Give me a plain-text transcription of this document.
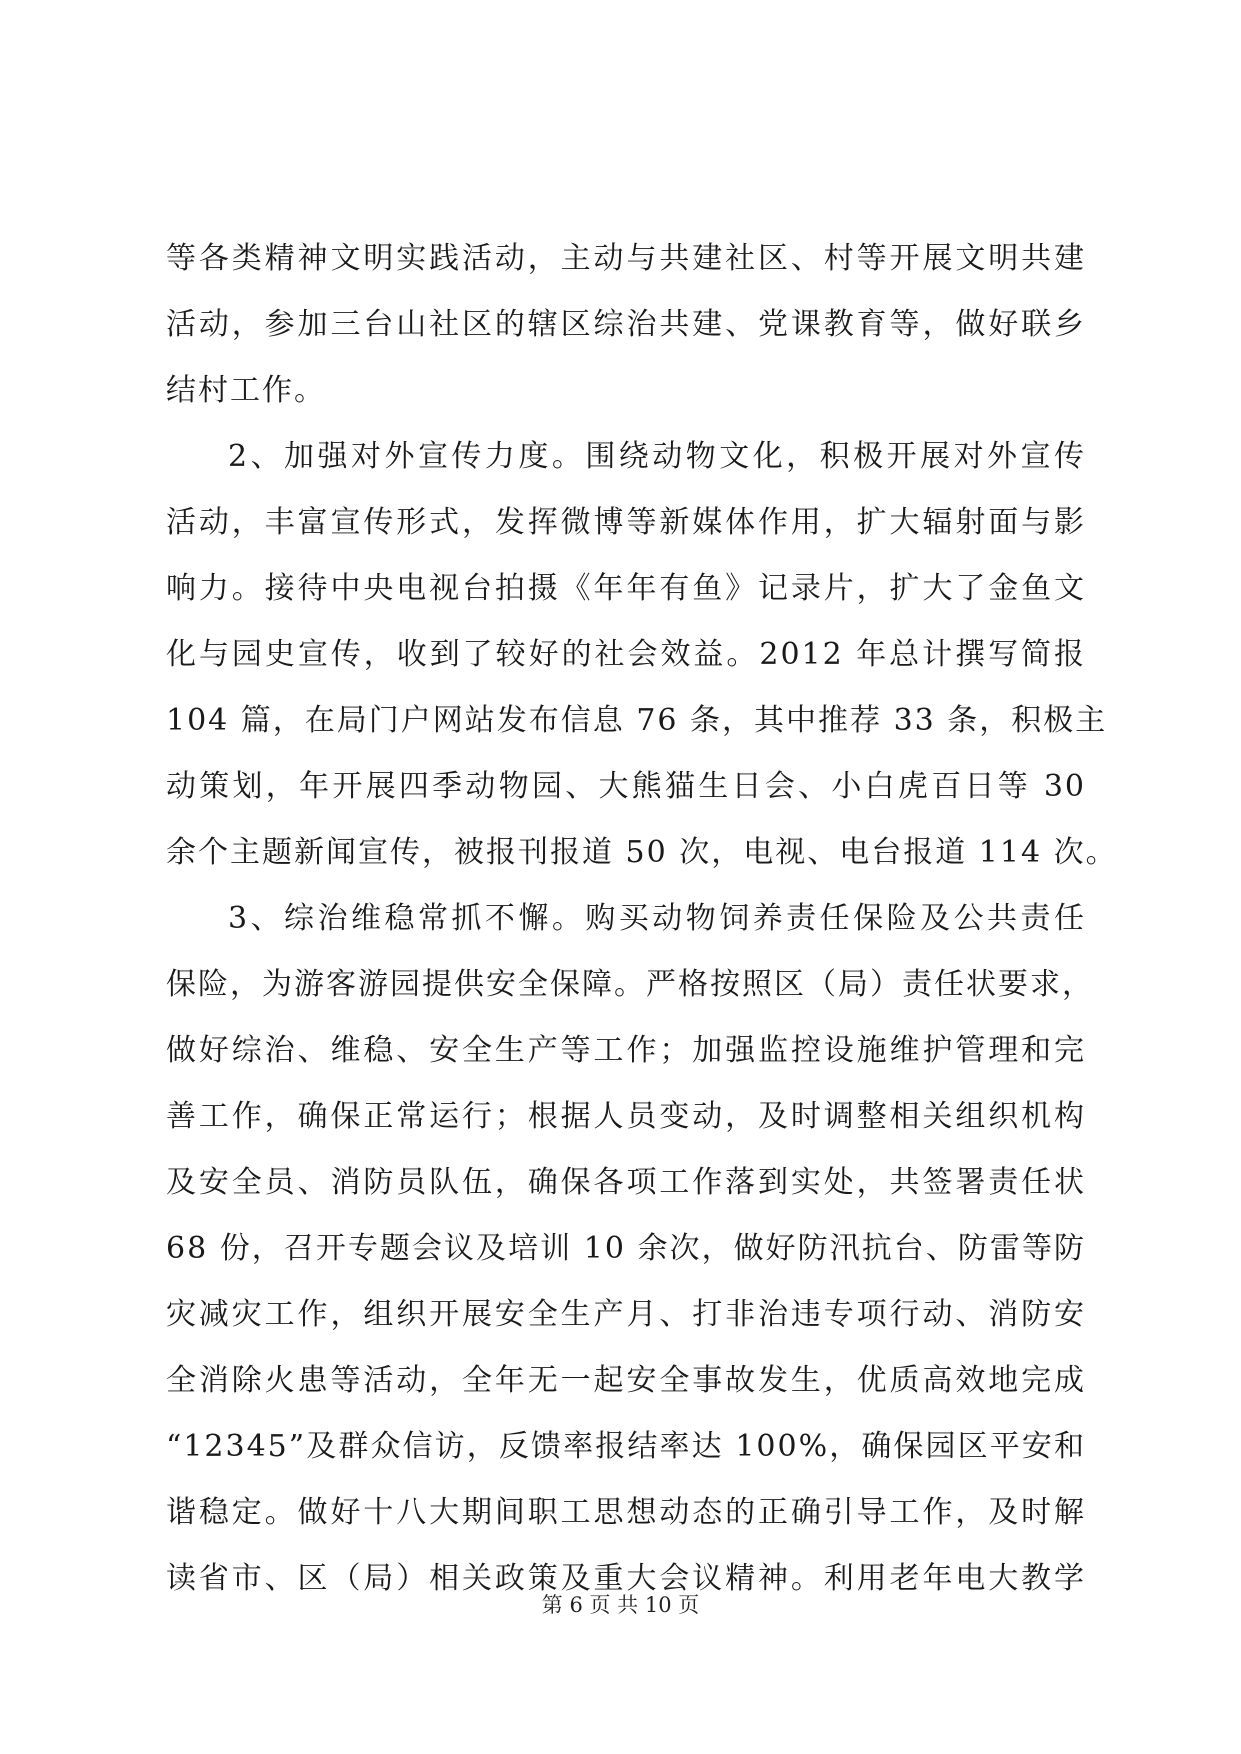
等各类精神文明实践活动，主动与共建社区、村等开展文明共建
活动，参加三台山社区的辖区综治共建、党课教育等，做好联乡
结村工作。
2、加强对外宣传力度。围绕动物文化，积极开展对外宣传
活动，丰富宣传形式，发挥微博等新媒体作用，扩大辐射面与影
响力。接待中央电视台拍摄《年年有鱼》记录片，扩大了金鱼文
化与园史宣传，收到了较好的社会效益。2012 年总计撰写简报
104 篇，在局门户网站发布信息 76 条，其中推荐 33 条，积极主
动策划，年开展四季动物园、大熊猫生日会、小白虎百日等 30
余个主题新闻宣传，被报刊报道 50 次，电视、电台报道 114 次。
3、综治维稳常抓不懈。购买动物饲养责任保险及公共责任
保险，为游客游园提供安全保障。严格按照区（局）责任状要求，
做好综治、维稳、安全生产等工作；加强监控设施维护管理和完
善工作，确保正常运行；根据人员变动，及时调整相关组织机构
及安全员、消防员队伍，确保各项工作落到实处，共签署责任状
68 份，召开专题会议及培训 10 余次，做好防汛抗台、防雷等防
灾减灾工作，组织开展安全生产月、打非治违专项行动、消防安
全消除火患等活动，全年无一起安全事故发生，优质高效地完成
“12345”及群众信访，反馈率报结率达 100%，确保园区平安和
谐稳定。做好十八大期间职工思想动态的正确引导工作，及时解
读省市、区（局）相关政策及重大会议精神。利用老年电大教学
第 6 页 共 10 页
